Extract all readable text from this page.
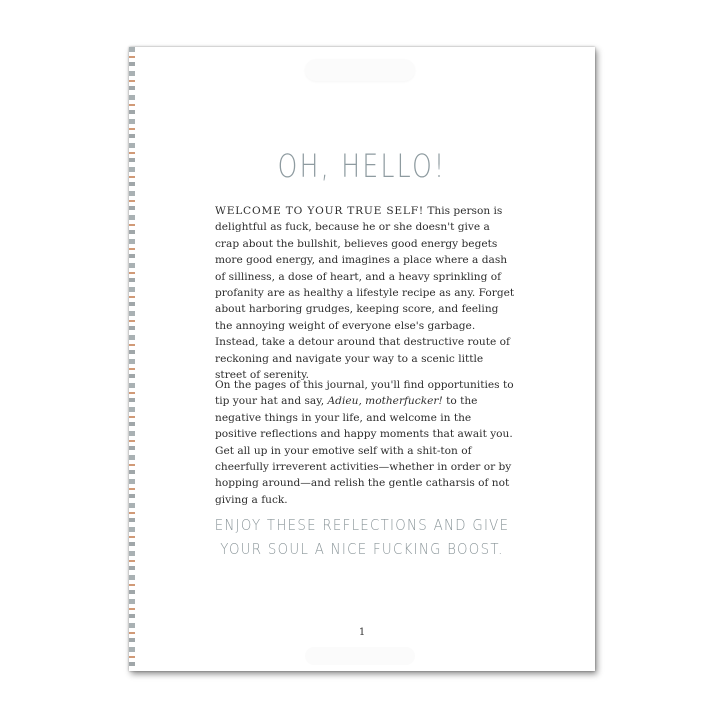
OH, HELLO!

WELCOME TO YOUR TRUE SELF! This person is delightful as fuck, because he or she doesn't give a crap about the bullshit, believes good energy begets more good energy, and imagines a place where a dash of silliness, a dose of heart, and a heavy sprinkling of profanity are as healthy a lifestyle recipe as any. Forget about harboring grudges, keeping score, and feeling the annoying weight of everyone else's garbage. Instead, take a detour around that destructive route of reckoning and navigate your way to a scenic little street of serenity.

On the pages of this journal, you'll find opportunities to tip your hat and say, Adieu, motherfucker! to the negative things in your life, and welcome in the positive reflections and happy moments that await you. Get all up in your emotive self with a shit-ton of cheerfully irreverent activities—whether in order or by hopping around—and relish the gentle catharsis of not giving a fuck.

ENJOY THESE REFLECTIONS AND GIVE
YOUR SOUL A NICE FUCKING BOOST.
1
